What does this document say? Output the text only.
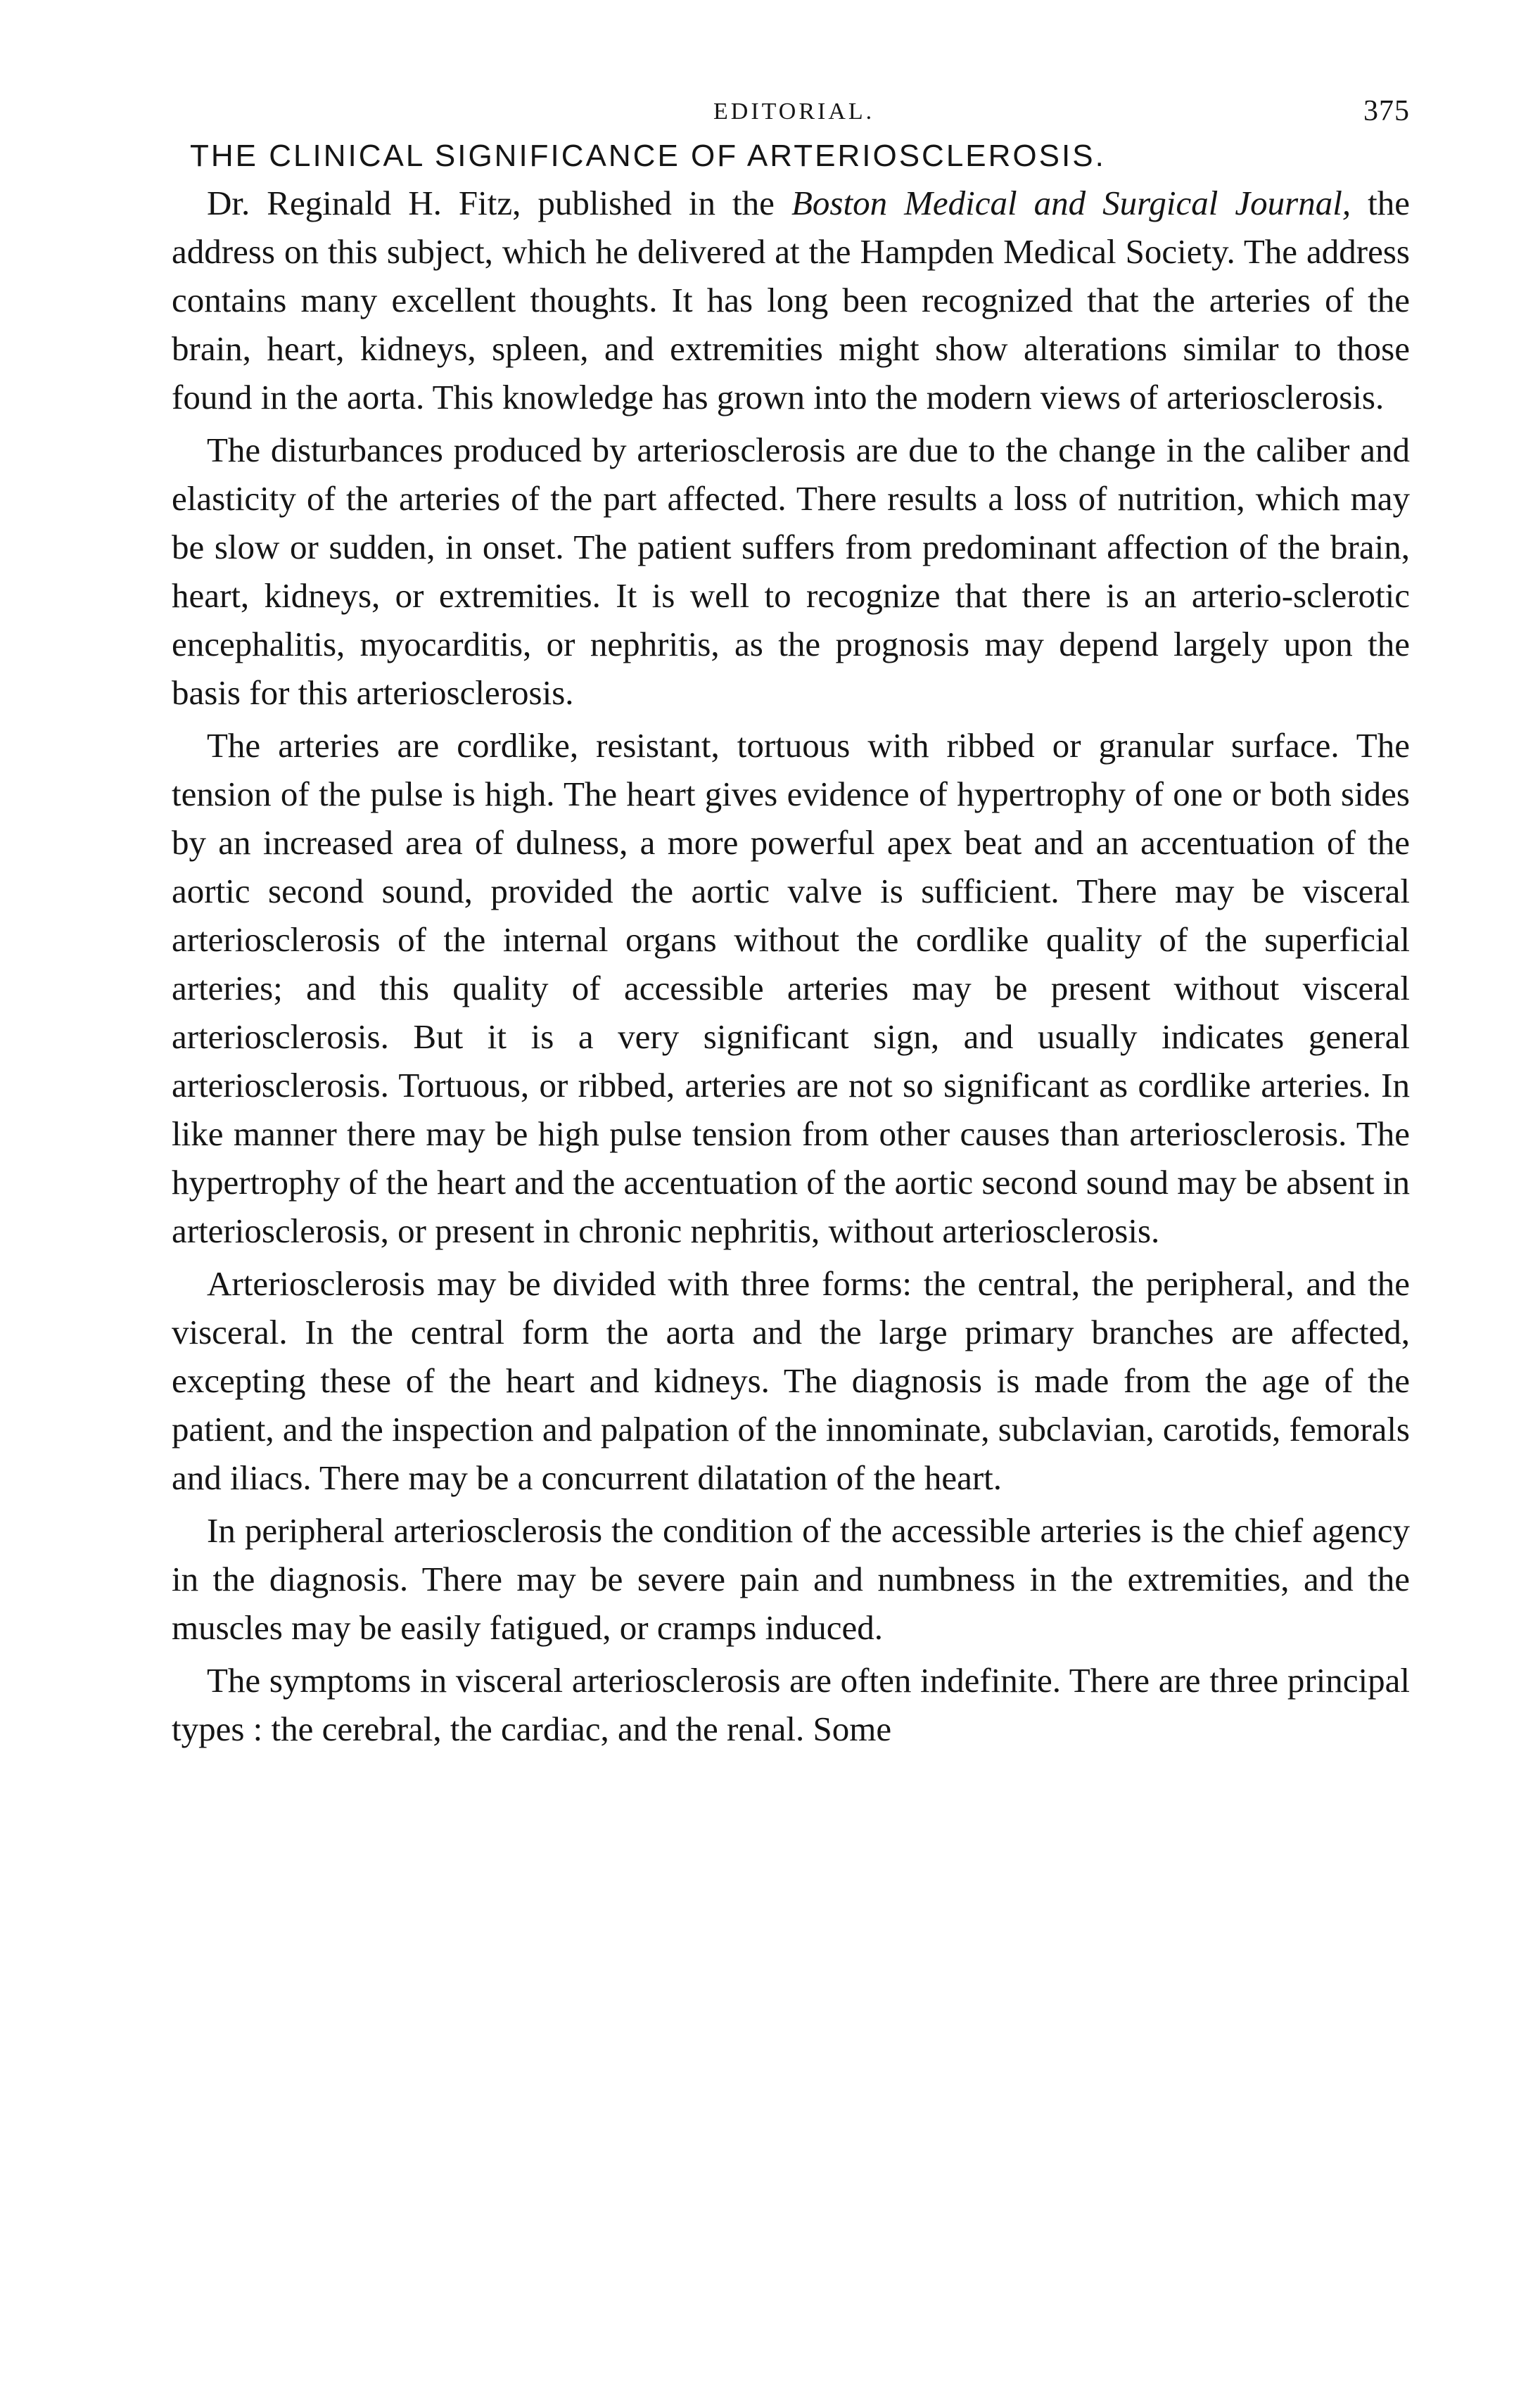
EDITORIAL.	375
THE CLINICAL SIGNIFICANCE OF ARTERIOSCLEROSIS.

Dr. Reginald H. Fitz, published in the Boston Medical and Surgical Journal, the address on this subject, which he delivered at the Hampden Medical Society. The address contains many excellent thoughts. It has long been recognized that the arteries of the brain, heart, kidneys, spleen, and extremities might show alterations similar to those found in the aorta. This knowledge has grown into the modern views of arteriosclerosis.

The disturbances produced by arteriosclerosis are due to the change in the caliber and elasticity of the arteries of the part affected. There results a loss of nutrition, which may be slow or sudden, in onset. The patient suffers from predominant affection of the brain, heart, kidneys, or extremities. It is well to recognize that there is an arterio-sclerotic encephalitis, myocarditis, or nephritis, as the prognosis may depend largely upon the basis for this arteriosclerosis.

The arteries are cordlike, resistant, tortuous with ribbed or granular surface. The tension of the pulse is high. The heart gives evidence of hypertrophy of one or both sides by an increased area of dulness, a more powerful apex beat and an accentuation of the aortic second sound, provided the aortic valve is sufficient. There may be visceral arteriosclerosis of the internal organs without the cordlike quality of the superficial arteries; and this quality of accessible arteries may be present without visceral arteriosclerosis. But it is a very significant sign, and usually indicates general arteriosclerosis. Tortuous, or ribbed, arteries are not so significant as cordlike arteries. In like manner there may be high pulse tension from other causes than arteriosclerosis. The hypertrophy of the heart and the accentuation of the aortic second sound may be absent in arteriosclerosis, or present in chronic nephritis, without arteriosclerosis.

Arteriosclerosis may be divided with three forms: the central, the peripheral, and the visceral. In the central form the aorta and the large primary branches are affected, excepting these of the heart and kidneys. The diagnosis is made from the age of the patient, and the inspection and palpation of the innominate, subclavian, carotids, femorals and iliacs. There may be a concurrent dilatation of the heart.

In peripheral arteriosclerosis the condition of the accessible arteries is the chief agency in the diagnosis. There may be severe pain and numbness in the extremities, and the muscles may be easily fatigued, or cramps induced.

The symptoms in visceral arteriosclerosis are often indefinite. There are three principal types : the cerebral, the cardiac, and the renal. Some
